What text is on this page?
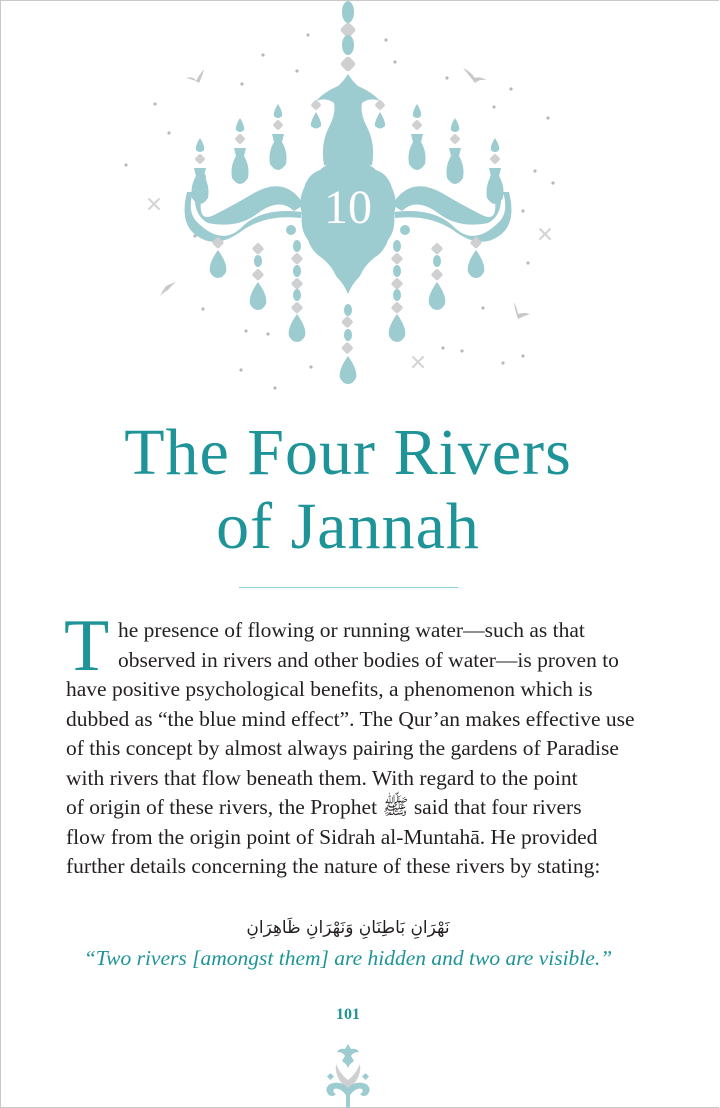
10
The Four Rivers
of Jannah
T he presence of flowing or running water—such as that
observed in rivers and other bodies of water—is proven to
have positive psychological benefits, a phenomenon which is
dubbed as “the blue mind effect”. The Qur’an makes effective use
of this concept by almost always pairing the gardens of Paradise
with rivers that flow beneath them. With regard to the point
of origin of these rivers, the Prophet ﷺ said that four rivers
flow from the origin point of Sidrah al-Muntahā. He provided
further details concerning the nature of these rivers by stating:
نَهْرَانِ بَاطِنَانِ وَنَهْرَانِ ظَاهِرَانِ
“Two rivers [amongst them] are hidden and two are visible.”
101
